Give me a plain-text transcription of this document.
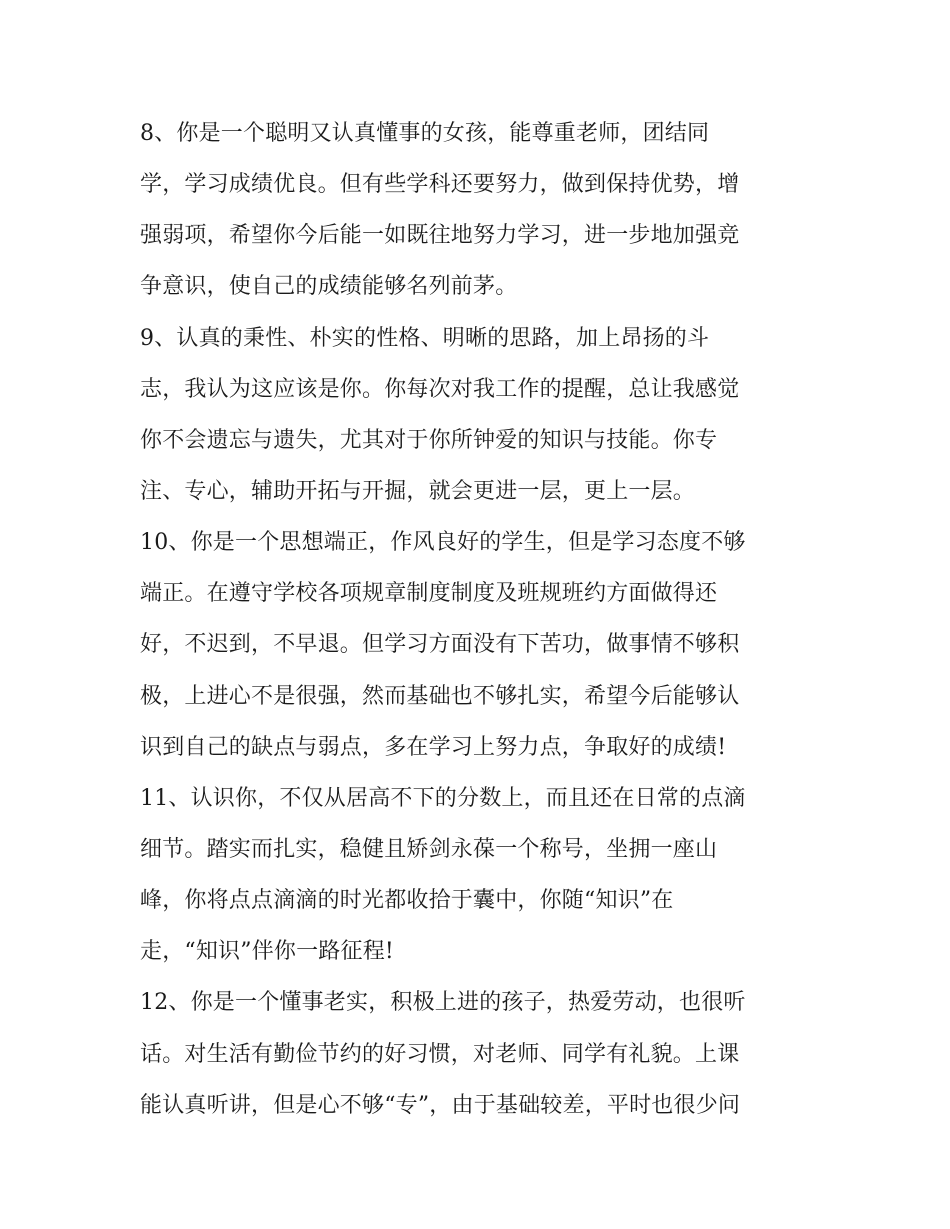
8、你是一个聪明又认真懂事的女孩，能尊重老师，团结同
学，学习成绩优良。但有些学科还要努力，做到保持优势，增
强弱项，希望你今后能一如既往地努力学习，进一步地加强竞
争意识，使自己的成绩能够名列前茅。
9、认真的秉性、朴实的性格、明晰的思路，加上昂扬的斗
志，我认为这应该是你。你每次对我工作的提醒，总让我感觉
你不会遗忘与遗失，尤其对于你所钟爱的知识与技能。你专
注、专心，辅助开拓与开掘，就会更进一层，更上一层。
10、你是一个思想端正，作风良好的学生，但是学习态度不够
端正。在遵守学校各项规章制度制度及班规班约方面做得还
好，不迟到，不早退。但学习方面没有下苦功，做事情不够积
极，上进心不是很强，然而基础也不够扎实，希望今后能够认
识到自己的缺点与弱点，多在学习上努力点，争取好的成绩!
11、认识你，不仅从居高不下的分数上，而且还在日常的点滴
细节。踏实而扎实，稳健且矫剑永葆一个称号，坐拥一座山
峰，你将点点滴滴的时光都收拾于囊中，你随“知识”在
走，“知识”伴你一路征程!
12、你是一个懂事老实，积极上进的孩子，热爱劳动，也很听
话。对生活有勤俭节约的好习惯，对老师、同学有礼貌。上课
能认真听讲，但是心不够“专”，由于基础较差，平时也很少问
